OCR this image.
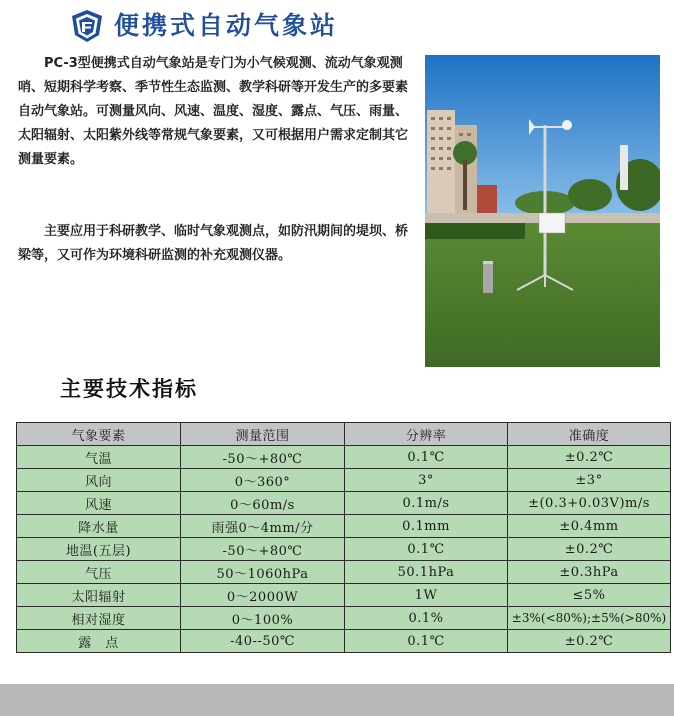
便携式自动气象站

PC-3型便携式自动气象站是专门为小气候观测、流动气象观测哨、短期科学考察、季节性生态监测、教学科研等开发生产的多要素自动气象站。可测量风向、风速、温度、湿度、露点、气压、雨量、太阳辐射、太阳紫外线等常规气象要素，又可根据用户需求定制其它测量要素。

主要应用于科研教学、临时气象观测点，如防汛期间的堤坝、桥梁等，又可作为环境科研监测的补充观测仪器。

主要技术指标
气象要素	测量范围	分辨率	准确度
气温	-50～+80℃	0.1℃	±0.2℃
风向	0～360°	3°	±3°
风速	0～60m/s	0.1m/s	±(0.3+0.03V)m/s
降水量	雨强0～4mm/分	0.1mm	±0.4mm
地温(五层)	-50～+80℃	0.1℃	±0.2℃
气压	50～1060hPa	50.1hPa	±0.3hPa
太阳辐射	0～2000W	1W	≤5%
相对湿度	0～100%	0.1%	±3%(<80%);±5%(>80%)
露　点	-40--50℃	0.1℃	±0.2℃
